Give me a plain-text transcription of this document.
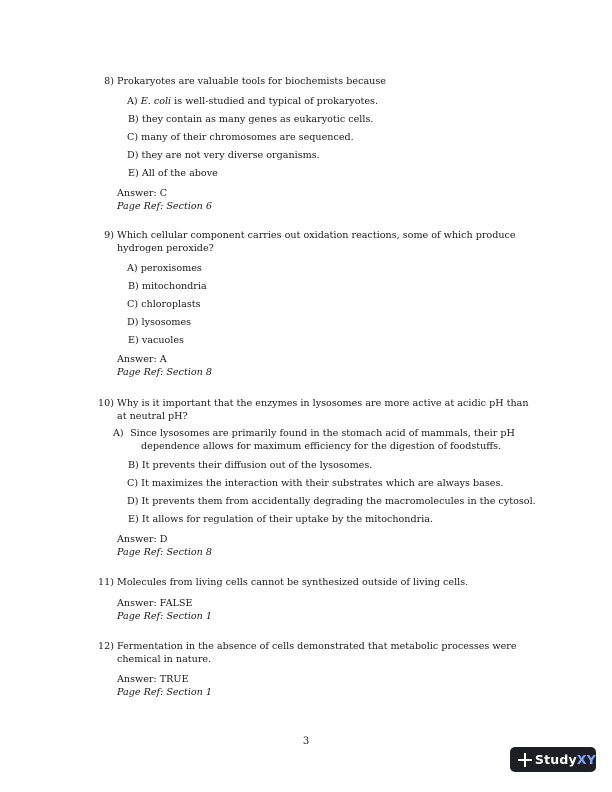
8) Prokaryotes are valuable tools for biochemists because
A) E. coli is well-studied and typical of prokaryotes.
B) they contain as many genes as eukaryotic cells.
C) many of their chromosomes are sequenced.
D) they are not very diverse organisms.
E) All of the above
Answer: C
Page Ref: Section 6
9) Which cellular component carries out oxidation reactions, some of which produce hydrogen peroxide?
A) peroxisomes
B) mitochondria
C) chloroplasts
D) lysosomes
E) vacuoles
Answer: A
Page Ref: Section 8
10) Why is it important that the enzymes in lysosomes are more active at acidic pH than at neutral pH?
A) Since lysosomes are primarily found in the stomach acid of mammals, their pH dependence allows for maximum efficiency for the digestion of foodstuffs.
B) It prevents their diffusion out of the lysosomes.
C) It maximizes the interaction with their substrates which are always bases.
D) It prevents them from accidentally degrading the macromolecules in the cytosol.
E) It allows for regulation of their uptake by the mitochondria.
Answer: D
Page Ref: Section 8
11) Molecules from living cells cannot be synthesized outside of living cells.
Answer: FALSE
Page Ref: Section 1
12) Fermentation in the absence of cells demonstrated that metabolic processes were chemical in nature.
Answer: TRUE
Page Ref: Section 1
3
StudyXY
